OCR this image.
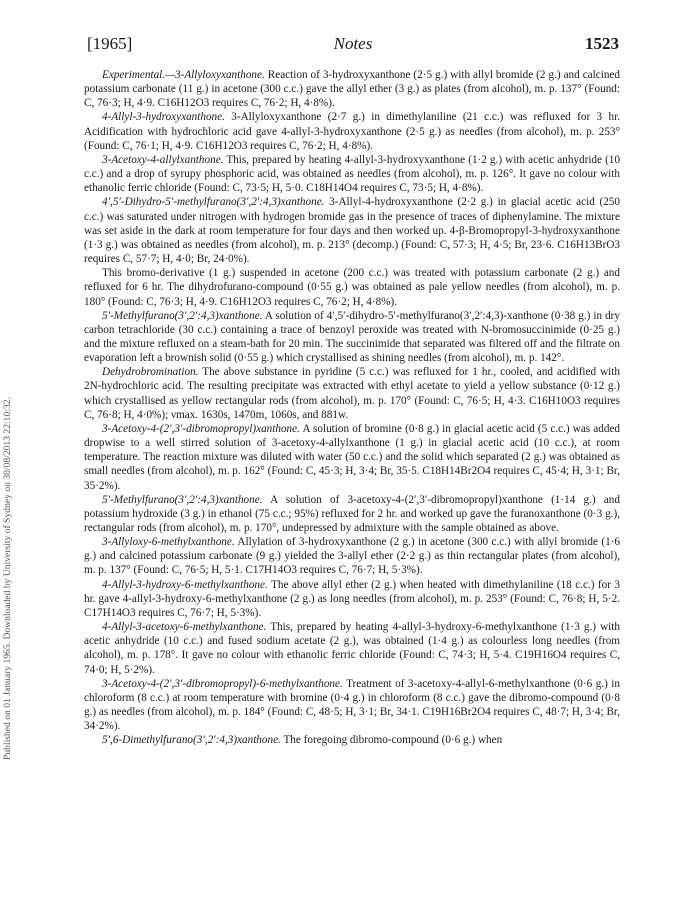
Published on 01 January 1965. Downloaded by University of Sydney on 30/08/2013 22:10:32.
[1965]	Notes	1523

Experimental.—3-Allyloxyxanthone. Reaction of 3-hydroxyxanthone (2·5 g.) with allyl bromide (2 g.) and calcined potassium carbonate (11 g.) in acetone (300 c.c.) gave the allyl ether (3 g.) as plates (from alcohol), m. p. 137° (Found: C, 76·3; H, 4·9. C16H12O3 requires C, 76·2; H, 4·8%).

4-Allyl-3-hydroxyxanthone. 3-Allyloxyxanthone (2·7 g.) in dimethylaniline (21 c.c.) was refluxed for 3 hr. Acidification with hydrochloric acid gave 4-allyl-3-hydroxyxanthone (2·5 g.) as needles (from alcohol), m. p. 253° (Found: C, 76·1; H, 4·9. C16H12O3 requires C, 76·2; H, 4·8%).

3-Acetoxy-4-allylxanthone. This, prepared by heating 4-allyl-3-hydroxyxanthone (1·2 g.) with acetic anhydride (10 c.c.) and a drop of syrupy phosphoric acid, was obtained as needles (from alcohol), m. p. 126°. It gave no colour with ethanolic ferric chloride (Found: C, 73·5; H, 5·0. C18H14O4 requires C, 73·5; H, 4·8%).

4′,5′-Dihydro-5′-methylfurano(3′,2′:4,3)xanthone. 3-Allyl-4-hydroxyxanthone (2·2 g.) in glacial acetic acid (250 c.c.) was saturated under nitrogen with hydrogen bromide gas in the presence of traces of diphenylamine. The mixture was set aside in the dark at room temperature for four days and then worked up. 4-β-Bromopropyl-3-hydroxyxanthone (1·3 g.) was obtained as needles (from alcohol), m. p. 213° (decomp.) (Found: C, 57·3; H, 4·5; Br, 23·6. C16H13BrO3 requires C, 57·7; H, 4·0; Br, 24·0%).

This bromo-derivative (1 g.) suspended in acetone (200 c.c.) was treated with potassium carbonate (2 g.) and refluxed for 6 hr. The dihydrofurano-compound (0·55 g.) was obtained as pale yellow needles (from alcohol), m. p. 180° (Found: C, 76·3; H, 4·9. C16H12O3 requires C, 76·2; H, 4·8%).

5′-Methylfurano(3′,2′:4,3)xanthone. A solution of 4′,5′-dihydro-5′-methylfurano(3′,2′:4,3)-xanthone (0·38 g.) in dry carbon tetrachloride (30 c.c.) containing a trace of benzoyl peroxide was treated with N-bromosuccinimide (0·25 g.) and the mixture refluxed on a steam-bath for 20 min. The succinimide that separated was filtered off and the filtrate on evaporation left a brownish solid (0·55 g.) which crystallised as shining needles (from alcohol), m. p. 142°.

Dehydrobromination. The above substance in pyridine (5 c.c.) was refluxed for 1 hr., cooled, and acidified with 2N-hydrochloric acid. The resulting precipitate was extracted with ethyl acetate to yield a yellow substance (0·12 g.) which crystallised as yellow rectangular rods (from alcohol), m. p. 170° (Found: C, 76·5; H, 4·3. C16H10O3 requires C, 76·8; H, 4·0%); νmax. 1630s, 1470m, 1060s, and 881w.

3-Acetoxy-4-(2′,3′-dibromopropyl)xanthone. A solution of bromine (0·8 g.) in glacial acetic acid (5 c.c.) was added dropwise to a well stirred solution of 3-acetoxy-4-allylxanthone (1 g.) in glacial acetic acid (10 c.c.), at room temperature. The reaction mixture was diluted with water (50 c.c.) and the solid which separated (2 g.) was obtained as small needles (from alcohol), m. p. 162° (Found: C, 45·3; H, 3·4; Br, 35·5. C18H14Br2O4 requires C, 45·4; H, 3·1; Br, 35·2%).

5′-Methylfurano(3′,2′:4,3)xanthone. A solution of 3-acetoxy-4-(2′,3′-dibromopropyl)xanthone (1·14 g.) and potassium hydroxide (3 g.) in ethanol (75 c.c.; 95%) refluxed for 2 hr. and worked up gave the furanoxanthone (0·3 g.), rectangular rods (from alcohol), m. p. 170°, undepressed by admixture with the sample obtained as above.

3-Allyloxy-6-methylxanthone. Allylation of 3-hydroxyxanthone (2 g.) in acetone (300 c.c.) with allyl bromide (1·6 g.) and calcined potassium carbonate (9 g.) yielded the 3-allyl ether (2·2 g.) as thin rectangular plates (from alcohol), m. p. 137° (Found: C, 76·5; H, 5·1. C17H14O3 requires C, 76·7; H, 5·3%).

4-Allyl-3-hydroxy-6-methylxanthone. The above allyl ether (2 g.) when heated with dimethylaniline (18 c.c.) for 3 hr. gave 4-allyl-3-hydroxy-6-methylxanthone (2 g.) as long needles (from alcohol), m. p. 253° (Found: C, 76·8; H, 5·2. C17H14O3 requires C, 76·7; H, 5·3%).

4-Allyl-3-acetoxy-6-methylxanthone. This, prepared by heating 4-allyl-3-hydroxy-6-methylxanthone (1·3 g.) with acetic anhydride (10 c.c.) and fused sodium acetate (2 g.), was obtained (1·4 g.) as colourless long needles (from alcohol), m. p. 178°. It gave no colour with ethanolic ferric chloride (Found: C, 74·3; H, 5·4. C19H16O4 requires C, 74·0; H, 5·2%).

3-Acetoxy-4-(2′,3′-dibromopropyl)-6-methylxanthone. Treatment of 3-acetoxy-4-allyl-6-methylxanthone (0·6 g.) in chloroform (8 c.c.) at room temperature with bromine (0·4 g.) in chloroform (8 c.c.) gave the dibromo-compound (0·8 g.) as needles (from alcohol), m. p. 184° (Found: C, 48·5; H, 3·1; Br, 34·1. C19H16Br2O4 requires C, 48·7; H, 3·4; Br, 34·2%).

5′,6-Dimethylfurano(3′,2′:4,3)xanthone. The foregoing dibromo-compound (0·6 g.) when
